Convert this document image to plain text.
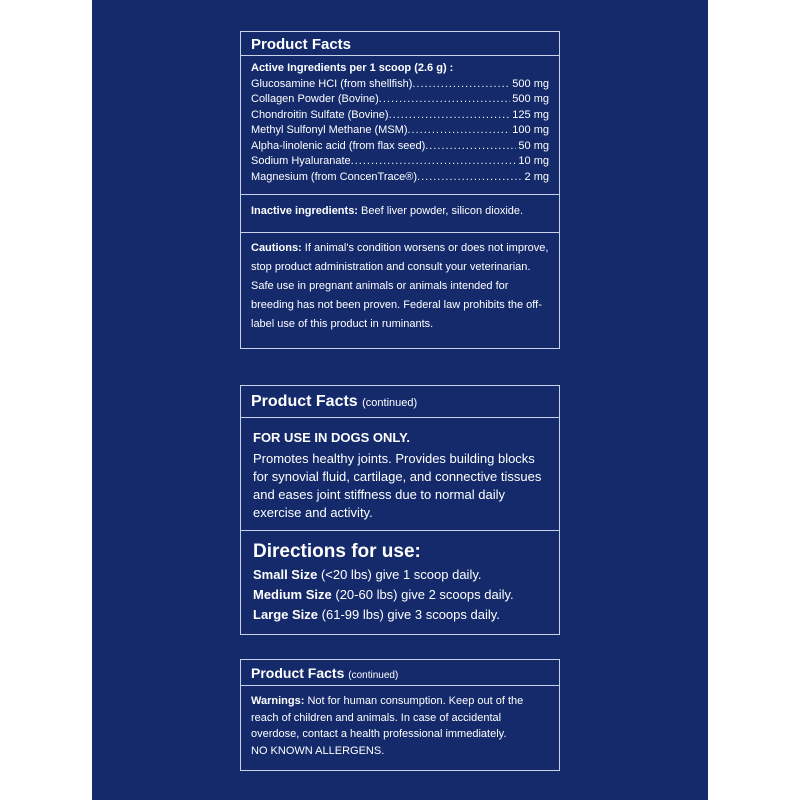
Product Facts
Active Ingredients per 1 scoop (2.6 g) :
Glucosamine HCI (from shellfish) .....	500 mg
Collagen Powder (Bovine) .....	500 mg
Chondroitin Sulfate (Bovine) .....	125 mg
Methyl Sulfonyl Methane (MSM) .....	100 mg
Alpha-linolenic acid (from flax seed) .....	50 mg
Sodium Hyaluranate .....	10 mg
Magnesium (from ConcenTrace®) .....	2 mg
Inactive ingredients: Beef liver powder, silicon dioxide.
Cautions: If animal's condition worsens or does not improve, stop product administration and consult your veterinarian. Safe use in pregnant animals or animals intended for breeding has not been proven. Federal law prohibits the off-label use of this product in ruminants.
Product Facts (continued)
FOR USE IN DOGS ONLY.
Promotes healthy joints. Provides building blocks for synovial fluid, cartilage, and connective tissues and eases joint stiffness due to normal daily exercise and activity.
Directions for use:
Small Size (<20 lbs) give 1 scoop daily.
Medium Size (20-60 lbs) give 2 scoops daily.
Large Size (61-99 lbs) give 3 scoops daily.
Product Facts (continued)
Warnings: Not for human consumption. Keep out of the reach of children and animals. In case of accidental overdose, contact a health professional immediately.
NO KNOWN ALLERGENS.
